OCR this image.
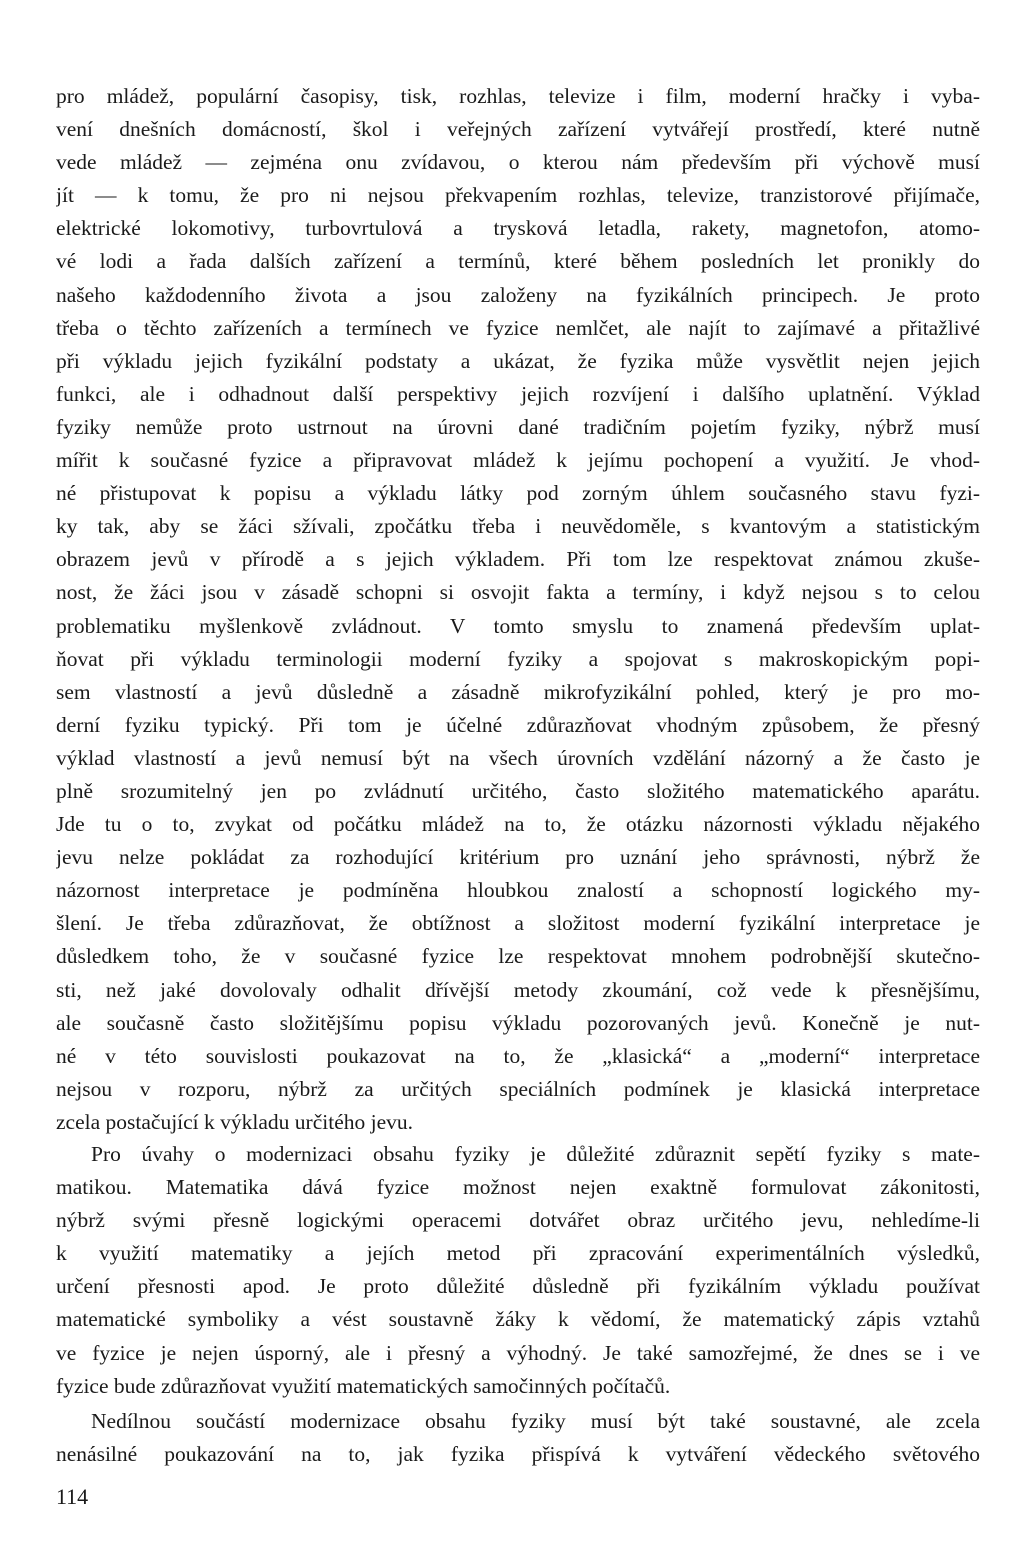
pro mládež, populární časopisy, tisk, rozhlas, televize i film, moderní hračky i vyba-
vení dnešních domácností, škol i veřejných zařízení vytvářejí prostředí, které nutně
vede mládež — zejména onu zvídavou, o kterou nám především při výchově musí
jít — k tomu, že pro ni nejsou překvapením rozhlas, televize, tranzistorové přijímače,
elektrické lokomotivy, turbovrtulová a trysková letadla, rakety, magnetofon, atomo-
vé lodi a řada dalších zařízení a termínů, které během posledních let pronikly do
našeho každodenního života a jsou založeny na fyzikálních principech. Je proto
třeba o těchto zařízeních a termínech ve fyzice nemlčet, ale najít to zajímavé a přitažlivé
při výkladu jejich fyzikální podstaty a ukázat, že fyzika může vysvětlit nejen jejich
funkci, ale i odhadnout další perspektivy jejich rozvíjení i dalšího uplatnění. Výklad
fyziky nemůže proto ustrnout na úrovni dané tradičním pojetím fyziky, nýbrž musí
mířit k současné fyzice a připravovat mládež k jejímu pochopení a využití. Je vhod-
né přistupovat k popisu a výkladu látky pod zorným úhlem současného stavu fyzi-
ky tak, aby se žáci sžívali, zpočátku třeba i neuvědoměle, s kvantovým a statistickým
obrazem jevů v přírodě a s jejich výkladem. Při tom lze respektovat známou zkuše-
nost, že žáci jsou v zásadě schopni si osvojit fakta a termíny, i když nejsou s to celou
problematiku myšlenkově zvládnout. V tomto smyslu to znamená především uplat-
ňovat při výkladu terminologii moderní fyziky a spojovat s makroskopickým popi-
sem vlastností a jevů důsledně a zásadně mikrofyzikální pohled, který je pro mo-
derní fyziku typický. Při tom je účelné zdůrazňovat vhodným způsobem, že přesný
výklad vlastností a jevů nemusí být na všech úrovních vzdělání názorný a že často je
plně srozumitelný jen po zvládnutí určitého, často složitého matematického aparátu.
Jde tu o to, zvykat od počátku mládež na to, že otázku názornosti výkladu nějakého
jevu nelze pokládat za rozhodující kritérium pro uznání jeho správnosti, nýbrž že
názornost interpretace je podmíněna hloubkou znalostí a schopností logického my-
šlení. Je třeba zdůrazňovat, že obtížnost a složitost moderní fyzikální interpretace je
důsledkem toho, že v současné fyzice lze respektovat mnohem podrobnější skutečno-
sti, než jaké dovolovaly odhalit dřívější metody zkoumání, což vede k přesnějšímu,
ale současně často složitějšímu popisu výkladu pozorovaných jevů. Konečně je nut-
né v této souvislosti poukazovat na to, že „klasická“ a „moderní“ interpretace
nejsou v rozporu, nýbrž za určitých speciálních podmínek je klasická interpretace
zcela postačující k výkladu určitého jevu.
Pro úvahy o modernizaci obsahu fyziky je důležité zdůraznit sepětí fyziky s mate-
matikou. Matematika dává fyzice možnost nejen exaktně formulovat zákonitosti,
nýbrž svými přesně logickými operacemi dotvářet obraz určitého jevu, nehledíme-li
k využití matematiky a jejích metod při zpracování experimentálních výsledků,
určení přesnosti apod. Je proto důležité důsledně při fyzikálním výkladu používat
matematické symboliky a vést soustavně žáky k vědomí, že matematický zápis vztahů
ve fyzice je nejen úsporný, ale i přesný a výhodný. Je také samozřejmé, že dnes se i ve
fyzice bude zdůrazňovat využití matematických samočinných počítačů.
Nedílnou součástí modernizace obsahu fyziky musí být také soustavné, ale zcela
nenásilné poukazování na to, jak fyzika přispívá k vytváření vědeckého světového
114
